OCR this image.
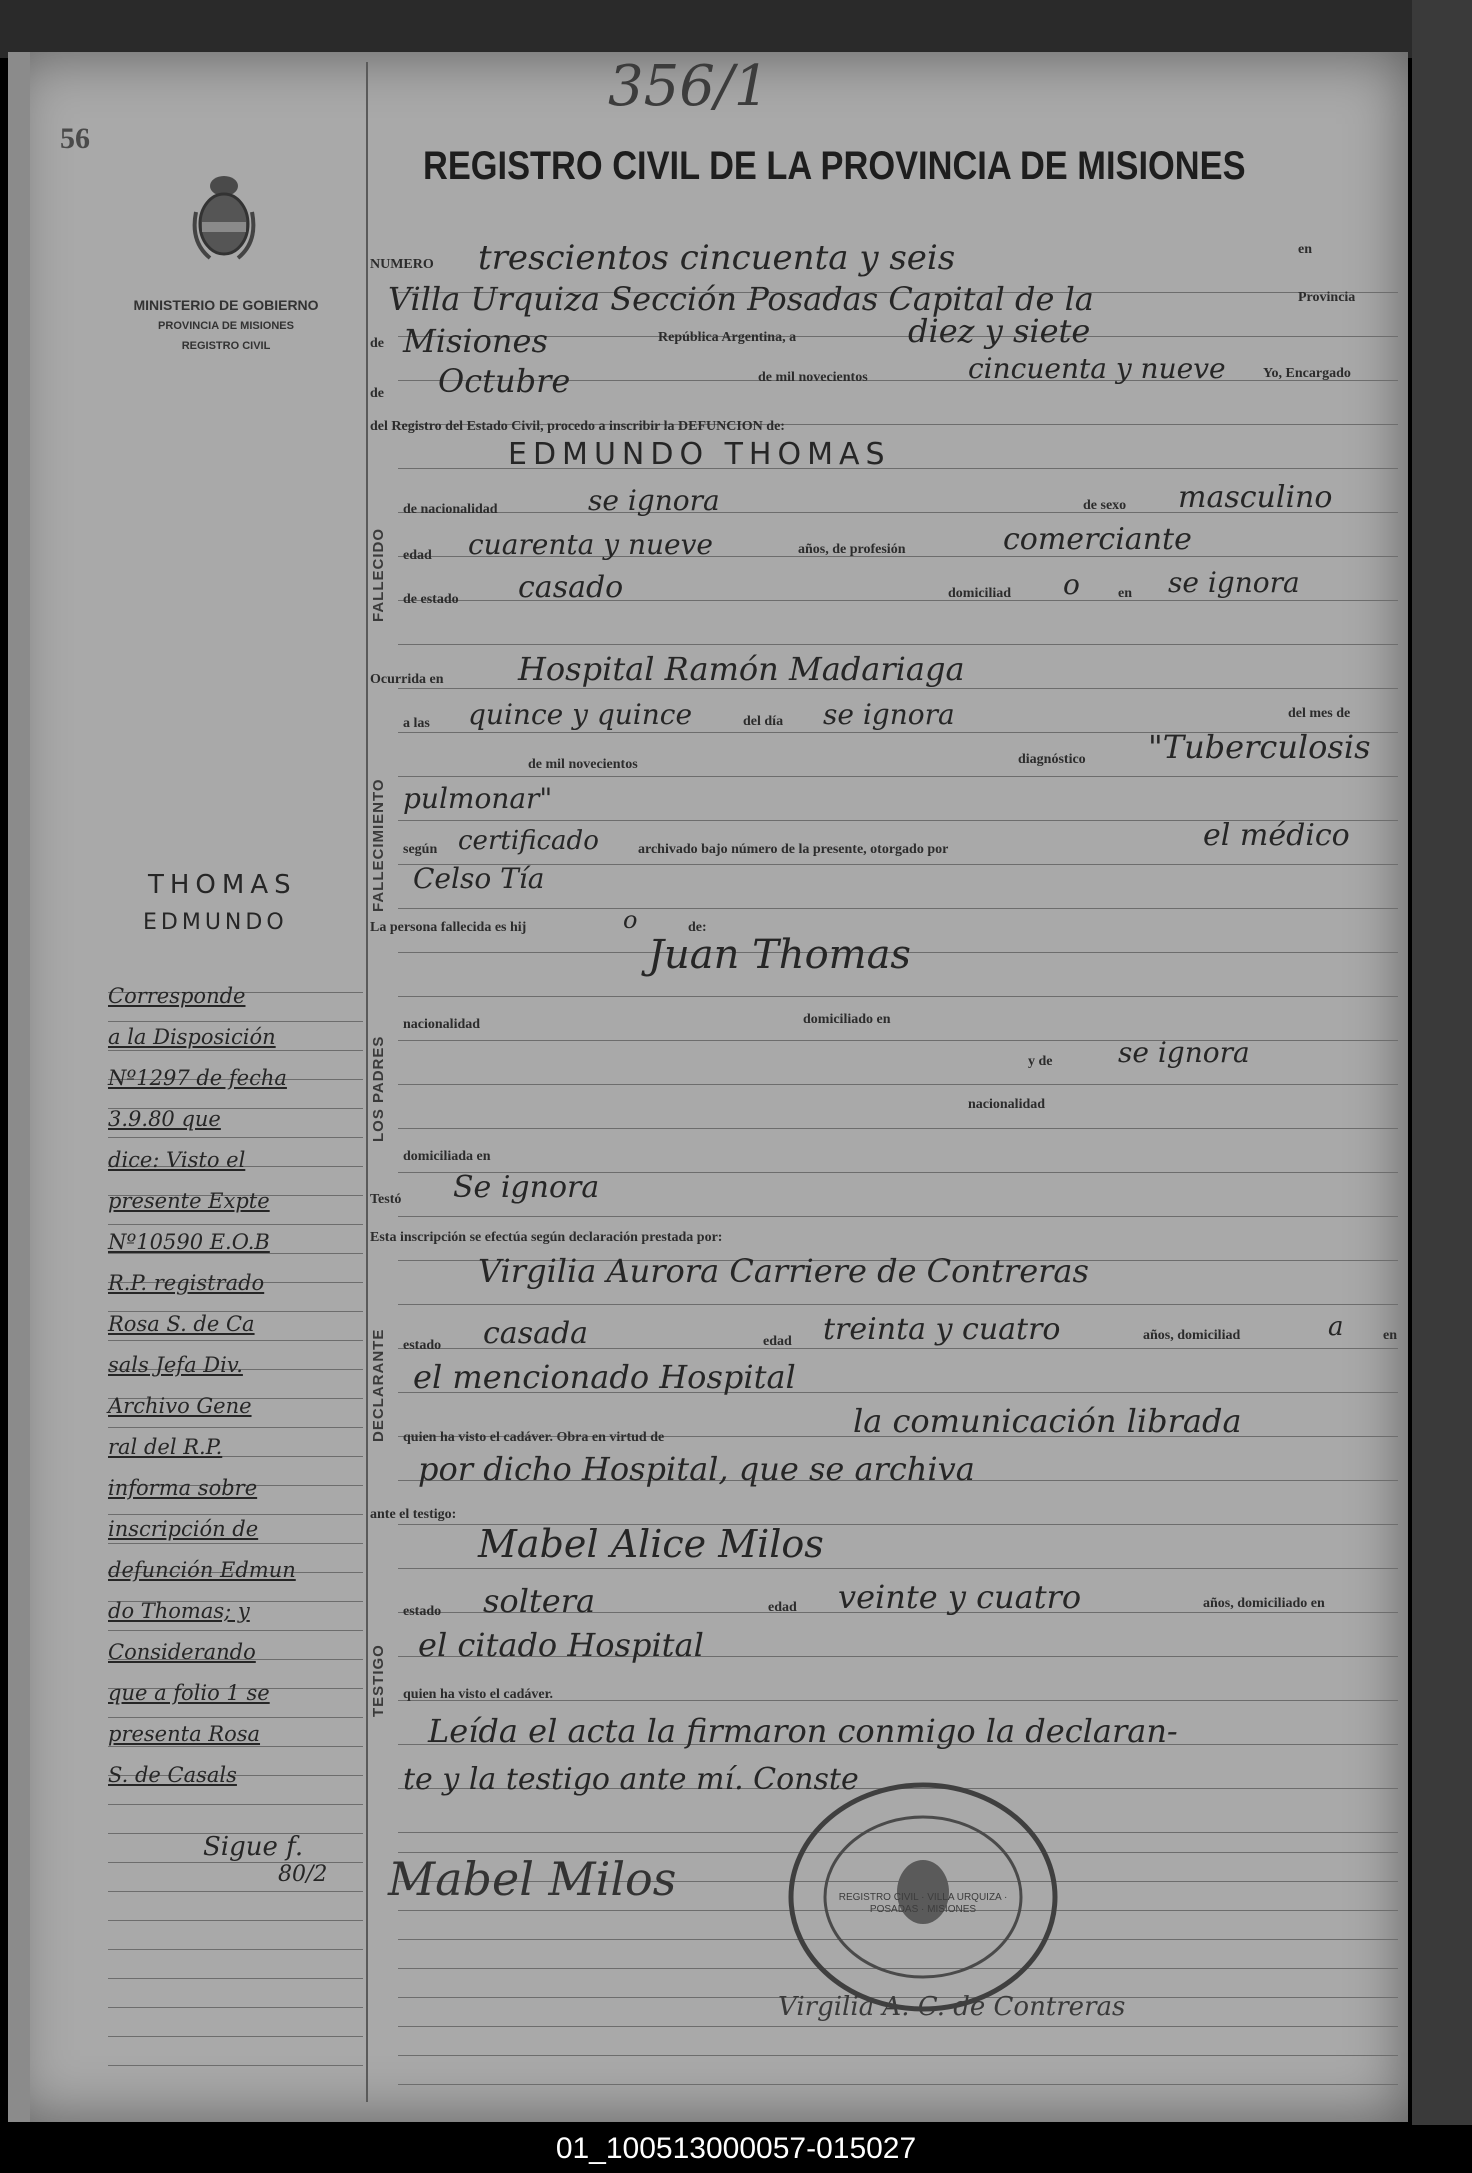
56
356/1
REGISTRO CIVIL DE LA PROVINCIA DE MISIONES
MINISTERIO DE GOBIERNO
PROVINCIA DE MISIONES
REGISTRO CIVIL
NUMERO trescientos cincuenta y seis	en
Villa Urquiza Sección Posadas Capital de la	Provincia
de Misiones	República Argentina, a	diez y siete
de Octubre	de mil novecientos	cincuenta y nueve	Yo, Encargado
del Registro del Estado Civil, procedo a inscribir la DEFUNCION de:
FALLECIDO
EDMUNDO THOMAS
de nacionalidad	se ignora	de sexo masculino
edad cuarenta y nueve	años, de profesión	comerciante
de estado casado	domiciliad o	en se ignora
Ocurrida en Hospital Ramón Madariaga
FALLECIMIENTO
a las quince y quince	del día se ignora	del mes de
de mil novecientos	diagnóstico "Tuberculosis
pulmonar"
según certificado	archivado bajo número de la presente, otorgado por	el médico
Celso Tía
La persona fallecida es hij	o	de:
LOS PADRES
Juan Thomas
nacionalidad	domiciliado en
y de se ignora
nacionalidad
domiciliada en
Testó Se ignora
Esta inscripción se efectúa según declaración prestada por:
Virgilia Aurora Carriere de Contreras
DECLARANTE estado casada	edad treinta y cuatro	años, domiciliad	a	en
el mencionado Hospital
quien ha visto el cadáver. Obra en virtud de	la comunicación librada
por dicho Hospital, que se archiva
ante el testigo:
Mabel Alice Milos
TESTIGO
estado soltera	edad veinte y cuatro	años, domiciliado en
el citado Hospital
quien ha visto el cadáver.
Leída el acta la firmaron conmigo la declaran-
te y la testigo ante mí. Conste
Mabel Milos
Virgilia A. C. de Contreras
REGISTRO CIVIL · VILLA URQUIZA · POSADAS · MISIONES
THOMAS
EDMUNDO
Corresponde
a la Disposición
Nº1297 de fecha
3.9.80 que
dice: Visto el
presente Expte
Nº10590 E.O.B
R.P. registrado
Rosa S. de Ca
sals Jefa Div.
Archivo Gene
ral del R.P.
informa sobre
inscripción de
defunción Edmun
do Thomas; y
Considerando
que a folio 1 se
presenta Rosa
S. de Casals
Sigue f.
80/2
01_100513000057-015027
